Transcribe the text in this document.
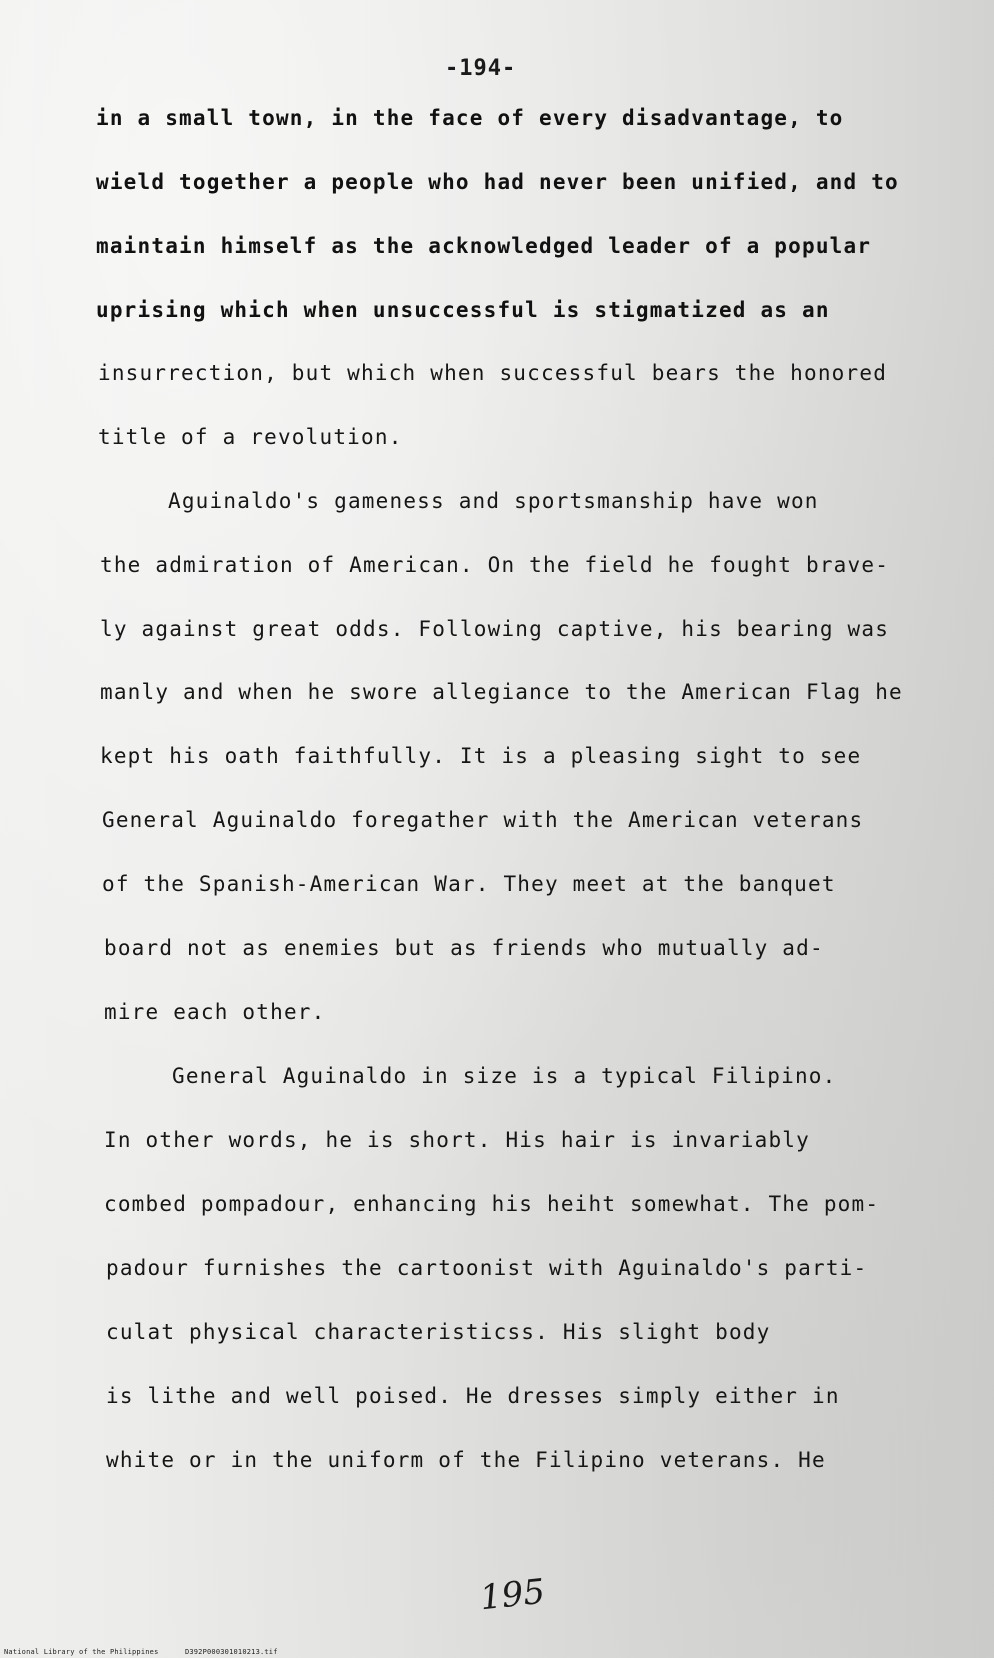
-194-
in a small town, in the face of every disadvantage, to
wield together a people who had never been unified, and to
maintain himself as the acknowledged leader of a popular
uprising which when unsuccessful is stigmatized as an
insurrection, but which when successful bears the honored
title of a revolution.
Aguinaldo's gameness and sportsmanship have won
the admiration of American. On the field he fought brave-
ly against great odds. Following captive, his bearing was
manly and when he swore allegiance to the American Flag he
kept his oath faithfully. It is a pleasing sight to see
General Aguinaldo foregather with the American veterans
of the Spanish-American War. They meet at the banquet
board not as enemies but as friends who mutually ad-
mire each other.
General Aguinaldo in size is a typical Filipino.
In other words, he is short. His hair is invariably
combed pompadour, enhancing his heiht somewhat. The pom-
padour furnishes the cartoonist with Aguinaldo's parti-
culat physical characteristicss. His slight body
is lithe and well poised. He dresses simply either in
white or in the uniform of the Filipino veterans. He
195
National Library of the Philippines	D392P000301010213.tif
